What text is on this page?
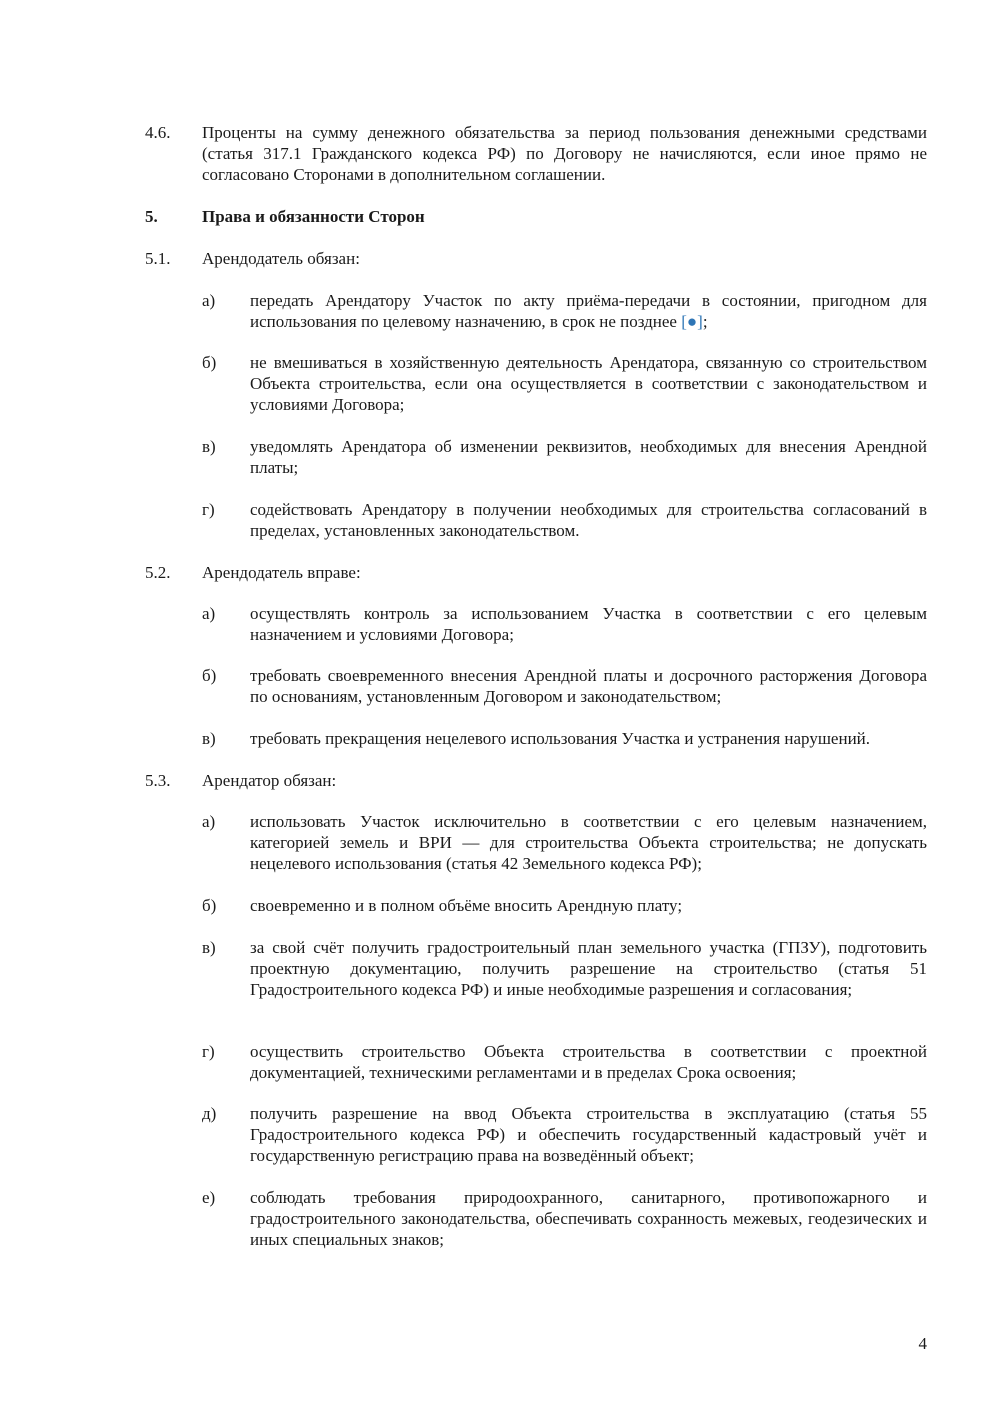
4.6.	Проценты на сумму денежного обязательства за период пользования денежными средствами (статья 317.1 Гражданского кодекса РФ) по Договору не начисляются, если иное прямо не согласовано Сторонами в дополнительном соглашении.
5.	Права и обязанности Сторон
5.1.	Арендодатель обязан:
а)	передать Арендатору Участок по акту приёма-передачи в состоянии, пригодном для использования по целевому назначению, в срок не позднее [●];
б)	не вмешиваться в хозяйственную деятельность Арендатора, связанную со строительством Объекта строительства, если она осуществляется в соответствии с законодательством и условиями Договора;
в)	уведомлять Арендатора об изменении реквизитов, необходимых для внесения Арендной платы;
г)	содействовать Арендатору в получении необходимых для строительства согласований в пределах, установленных законодательством.
5.2.	Арендодатель вправе:
а)	осуществлять контроль за использованием Участка в соответствии с его целевым назначением и условиями Договора;
б)	требовать своевременного внесения Арендной платы и досрочного расторжения Договора по основаниям, установленным Договором и законодательством;
в)	требовать прекращения нецелевого использования Участка и устранения нарушений.
5.3.	Арендатор обязан:
а)	использовать Участок исключительно в соответствии с его целевым назначением, категорией земель и ВРИ — для строительства Объекта строительства; не допускать нецелевого использования (статья 42 Земельного кодекса РФ);
б)	своевременно и в полном объёме вносить Арендную плату;
в)	за свой счёт получить градостроительный план земельного участка (ГПЗУ), подготовить проектную документацию, получить разрешение на строительство (статья 51 Градостроительного кодекса РФ) и иные необходимые разрешения и согласования;
г)	осуществить строительство Объекта строительства в соответствии с проектной документацией, техническими регламентами и в пределах Срока освоения;
д)	получить разрешение на ввод Объекта строительства в эксплуатацию (статья 55 Градостроительного кодекса РФ) и обеспечить государственный кадастровый учёт и государственную регистрацию права на возведённый объект;
е)	соблюдать требования природоохранного, санитарного, противопожарного и градостроительного законодательства, обеспечивать сохранность межевых, геодезических и иных специальных знаков;
4
